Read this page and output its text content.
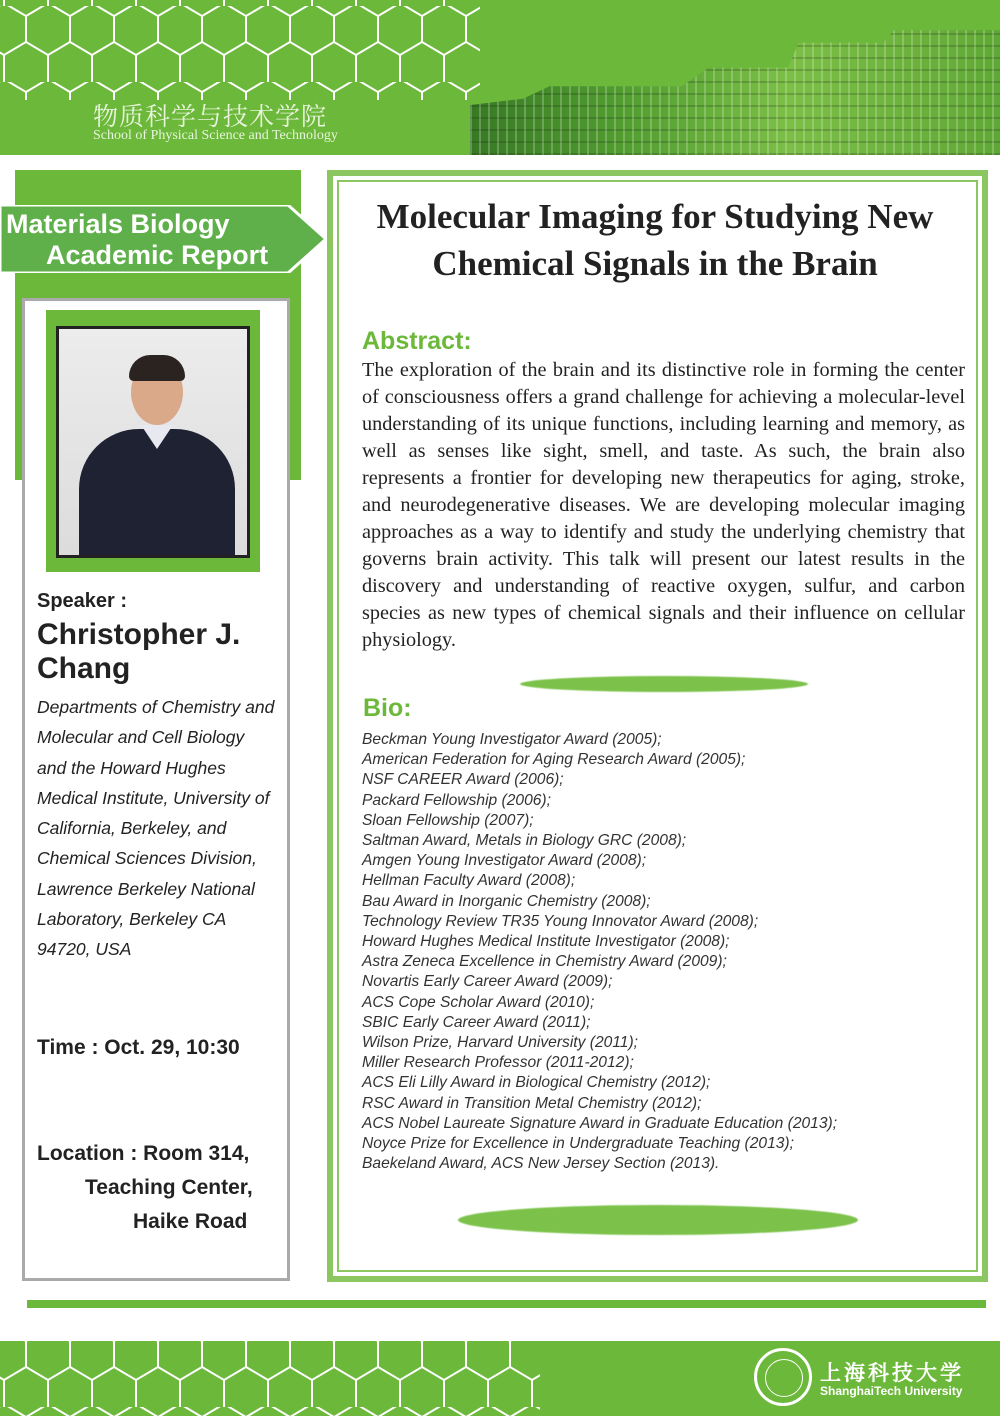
物质科学与技术学院
School of Physical Science and Technology
Materials Biology
Academic Report
Speaker :
Christopher J. Chang
Departments of Chemistry and Molecular and Cell Biology and the Howard Hughes Medical Institute, University of California, Berkeley, and Chemical Sciences Division, Lawrence Berkeley National Laboratory, Berkeley CA 94720, USA
Time : Oct. 29, 10:30
Location : Room 314,
Teaching Center,
Haike Road
Molecular Imaging for Studying New Chemical Signals in the Brain
Abstract:
The exploration of the brain and its distinctive role in forming the center of consciousness offers a grand challenge for achieving a molecular-level understanding of its unique functions, including learning and memory, as well as senses like sight, smell, and taste. As such, the brain also represents a frontier for developing new therapeutics for aging, stroke, and neurodegenerative diseases. We are developing molecular imaging approaches as a way to identify and study the underlying chemistry that governs brain activity. This talk will present our latest results in the discovery and understanding of reactive oxygen, sulfur, and carbon species as new types of chemical signals and their influence on cellular physiology.
Bio:
Beckman Young Investigator Award (2005);
American Federation for Aging Research Award (2005);
NSF CAREER Award (2006);
Packard Fellowship (2006);
Sloan Fellowship (2007);
Saltman Award, Metals in Biology GRC (2008);
Amgen Young Investigator Award (2008);
Hellman Faculty Award (2008);
Bau Award in Inorganic Chemistry (2008);
Technology Review TR35 Young Innovator Award (2008);
Howard Hughes Medical Institute Investigator (2008);
Astra Zeneca Excellence in Chemistry Award (2009);
Novartis Early Career Award (2009);
ACS Cope Scholar Award (2010);
SBIC Early Career Award (2011);
Wilson Prize, Harvard University (2011);
Miller Research Professor (2011-2012);
ACS Eli Lilly Award in Biological Chemistry (2012);
RSC Award in Transition Metal Chemistry (2012);
ACS Nobel Laureate Signature Award in Graduate Education (2013);
Noyce Prize for Excellence in Undergraduate Teaching (2013);
Baekeland Award, ACS New Jersey Section (2013).
上海科技大学
ShanghaiTech University
